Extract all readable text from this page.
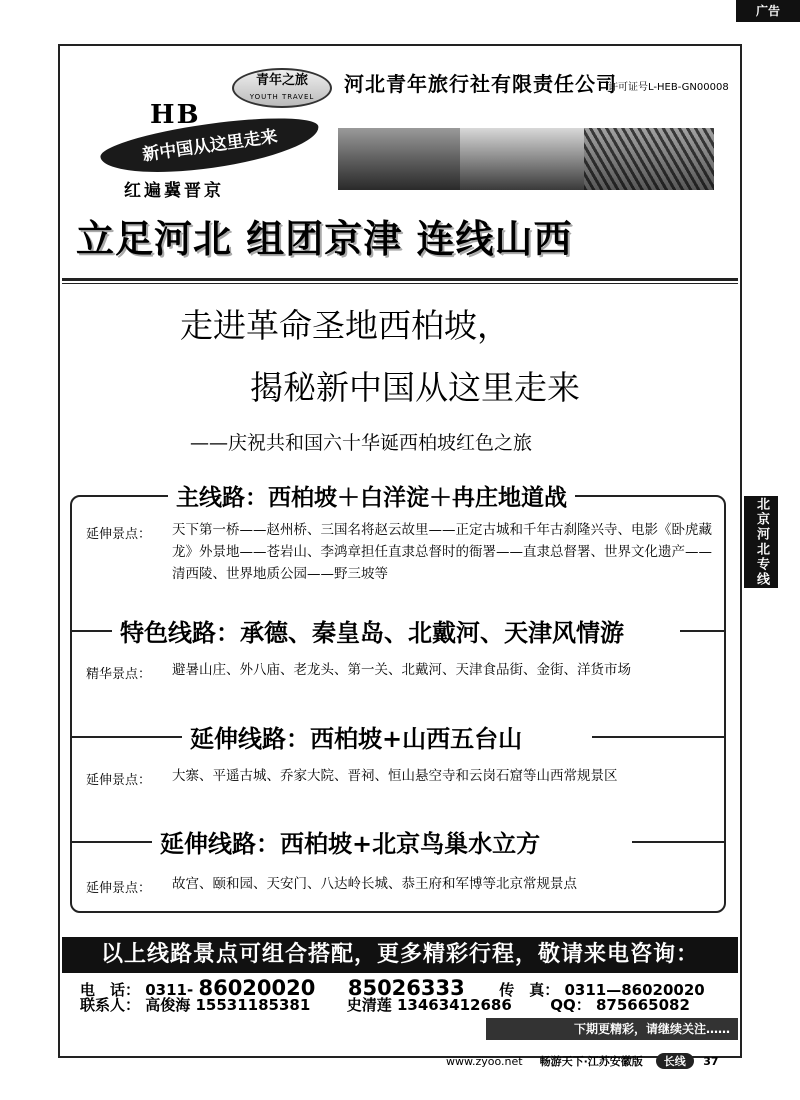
广告
HB
新中国从这里走来
红遍冀晋京
青年之旅
YOUTH TRAVEL
河北青年旅行社有限责任公司
许可证号L-HEB-GN00008
立足河北 组团京津 连线山西
走进革命圣地西柏坡，
揭秘新中国从这里走来
——庆祝共和国六十华诞西柏坡红色之旅
北京河北专线
主线路：西柏坡＋白洋淀＋冉庄地道战
延伸景点： 天下第一桥——赵州桥、三国名将赵云故里——正定古城和千年古刹隆兴寺、电影《卧虎藏龙》外景地——苍岩山、李鸿章担任直隶总督时的衙署——直隶总督署、世界文化遗产——清西陵、世界地质公园——野三坡等
特色线路：承德、秦皇岛、北戴河、天津风情游
精华景点： 避暑山庄、外八庙、老龙头、第一关、北戴河、天津食品街、金街、洋货市场
延伸线路：西柏坡+山西五台山
延伸景点： 大寨、平遥古城、乔家大院、晋祠、恒山悬空寺和云岗石窟等山西常规景区
延伸线路：西柏坡+北京鸟巢水立方
延伸景点： 故宫、颐和园、天安门、八达岭长城、恭王府和军博等北京常规景点
以上线路景点可组合搭配，更多精彩行程，敬请来电咨询：
电　话： 0311- 86020020 85026333 传　真： 0311—86020020
联系人： 高俊海 15531185381 史清莲 13463412686	QQ： 875665082
下期更精彩，请继续关注……
www.zyoo.net 畅游天下·江苏安徽版 长线 37
